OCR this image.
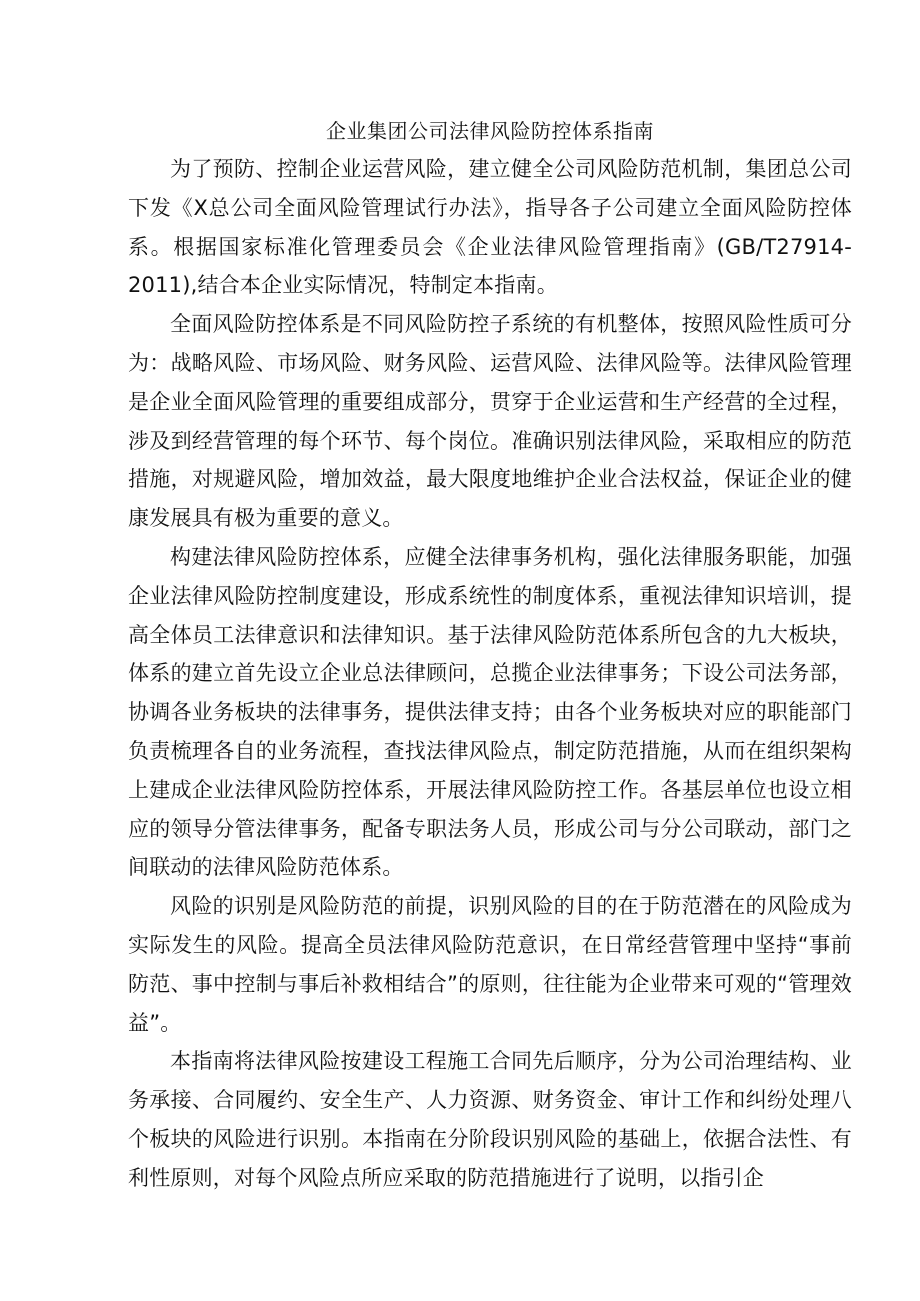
企业集团公司法律风险防控体系指南

为了预防、控制企业运营风险，建立健全公司风险防范机制，集团总公司下发《X总公司全面风险管理试行办法》，指导各子公司建立全面风险防控体系。根据国家标准化管理委员会《企业法律风险管理指南》(GB/T27914-2011),结合本企业实际情况，特制定本指南。

全面风险防控体系是不同风险防控子系统的有机整体，按照风险性质可分为：战略风险、市场风险、财务风险、运营风险、法律风险等。法律风险管理是企业全面风险管理的重要组成部分，贯穿于企业运营和生产经营的全过程，涉及到经营管理的每个环节、每个岗位。准确识别法律风险，采取相应的防范措施，对规避风险，增加效益，最大限度地维护企业合法权益，保证企业的健康发展具有极为重要的意义。

构建法律风险防控体系，应健全法律事务机构，强化法律服务职能，加强企业法律风险防控制度建设，形成系统性的制度体系，重视法律知识培训，提高全体员工法律意识和法律知识。基于法律风险防范体系所包含的九大板块，体系的建立首先设立企业总法律顾问，总揽企业法律事务；下设公司法务部，协调各业务板块的法律事务，提供法律支持；由各个业务板块对应的职能部门负责梳理各自的业务流程，查找法律风险点，制定防范措施，从而在组织架构上建成企业法律风险防控体系，开展法律风险防控工作。各基层单位也设立相应的领导分管法律事务，配备专职法务人员，形成公司与分公司联动，部门之间联动的法律风险防范体系。

风险的识别是风险防范的前提，识别风险的目的在于防范潜在的风险成为实际发生的风险。提高全员法律风险防范意识，在日常经营管理中坚持“事前防范、事中控制与事后补救相结合”的原则，往往能为企业带来可观的“管理效益”。

本指南将法律风险按建设工程施工合同先后顺序，分为公司治理结构、业务承接、合同履约、安全生产、人力资源、财务资金、审计工作和纠纷处理八个板块的风险进行识别。本指南在分阶段识别风险的基础上，依据合法性、有利性原则，对每个风险点所应采取的防范措施进行了说明，以指引企
